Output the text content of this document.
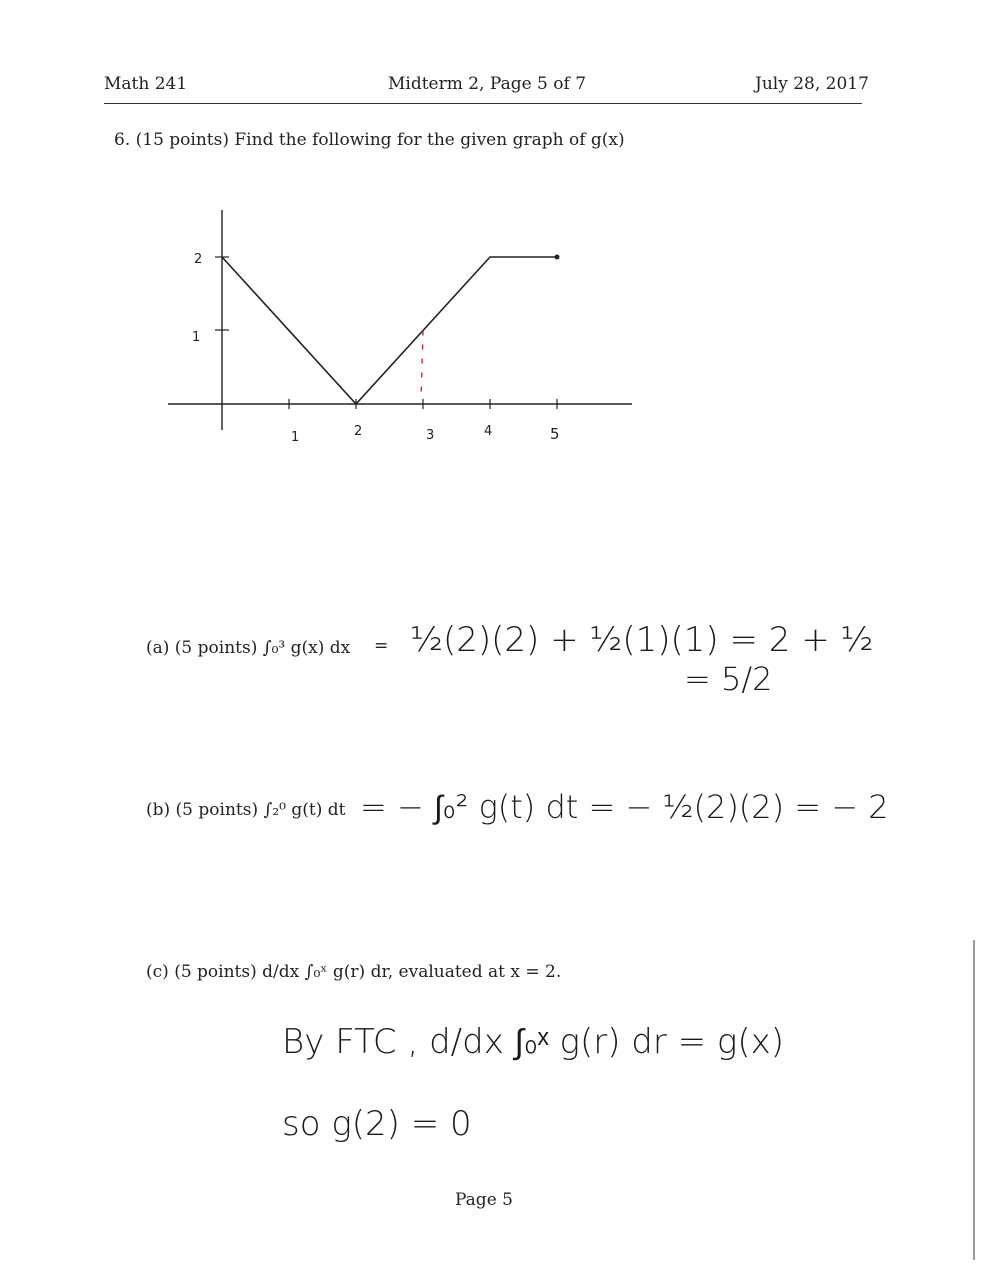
Math 241	Midterm 2, Page 5 of 7	July 28, 2017
6. (15 points) Find the following for the given graph of g(x)
2
1
1	2	3	4	5
(a) (5 points) ∫₀³ g(x) dx = ½(2)(2) + ½(1)(1) = 2 + ½
= 5/2
(b) (5 points) ∫₂⁰ g(t) dt = − ∫₀² g(t) dt = − ½(2)(2) = − 2
(c) (5 points) d/dx ∫₀ˣ g(r) dr, evaluated at x = 2.
By FTC , d/dx ∫₀ˣ g(r) dr = g(x)
so g(2) = 0
Page 5
